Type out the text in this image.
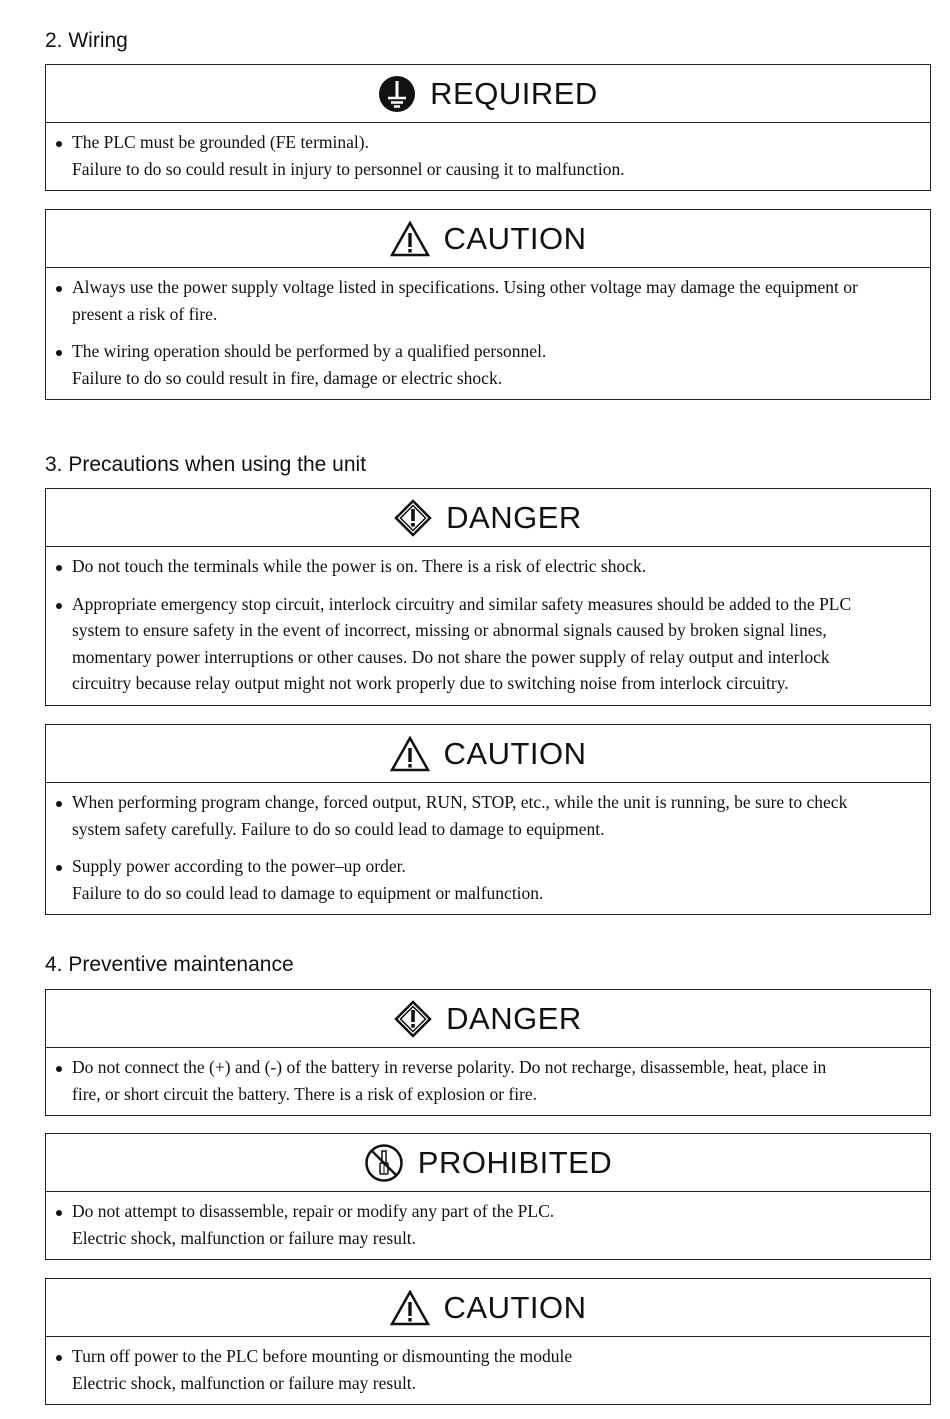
2. Wiring
REQUIRED
The PLC must be grounded (FE terminal).
Failure to do so could result in injury to personnel or causing it to malfunction.
CAUTION
Always use the power supply voltage listed in specifications. Using other voltage may damage the equipment or
present a risk of fire.
The wiring operation should be performed by a qualified personnel.
Failure to do so could result in fire, damage or electric shock.
3. Precautions when using the unit
DANGER
Do not touch the terminals while the power is on. There is a risk of electric shock.
Appropriate emergency stop circuit, interlock circuitry and similar safety measures should be added to the PLC
system to ensure safety in the event of incorrect, missing or abnormal signals caused by broken signal lines,
momentary power interruptions or other causes. Do not share the power supply of relay output and interlock
circuitry because relay output might not work properly due to switching noise from interlock circuitry.
CAUTION
When performing program change, forced output, RUN, STOP, etc., while the unit is running, be sure to check
system safety carefully. Failure to do so could lead to damage to equipment.
Supply power according to the power–up order.
Failure to do so could lead to damage to equipment or malfunction.
4. Preventive maintenance
DANGER
Do not connect the (+) and (-) of the battery in reverse polarity. Do not recharge, disassemble, heat, place in
fire, or short circuit the battery. There is a risk of explosion or fire.
PROHIBITED
Do not attempt to disassemble, repair or modify any part of the PLC.
Electric shock, malfunction or failure may result.
CAUTION
Turn off power to the PLC before mounting or dismounting the module
Electric shock, malfunction or failure may result.
